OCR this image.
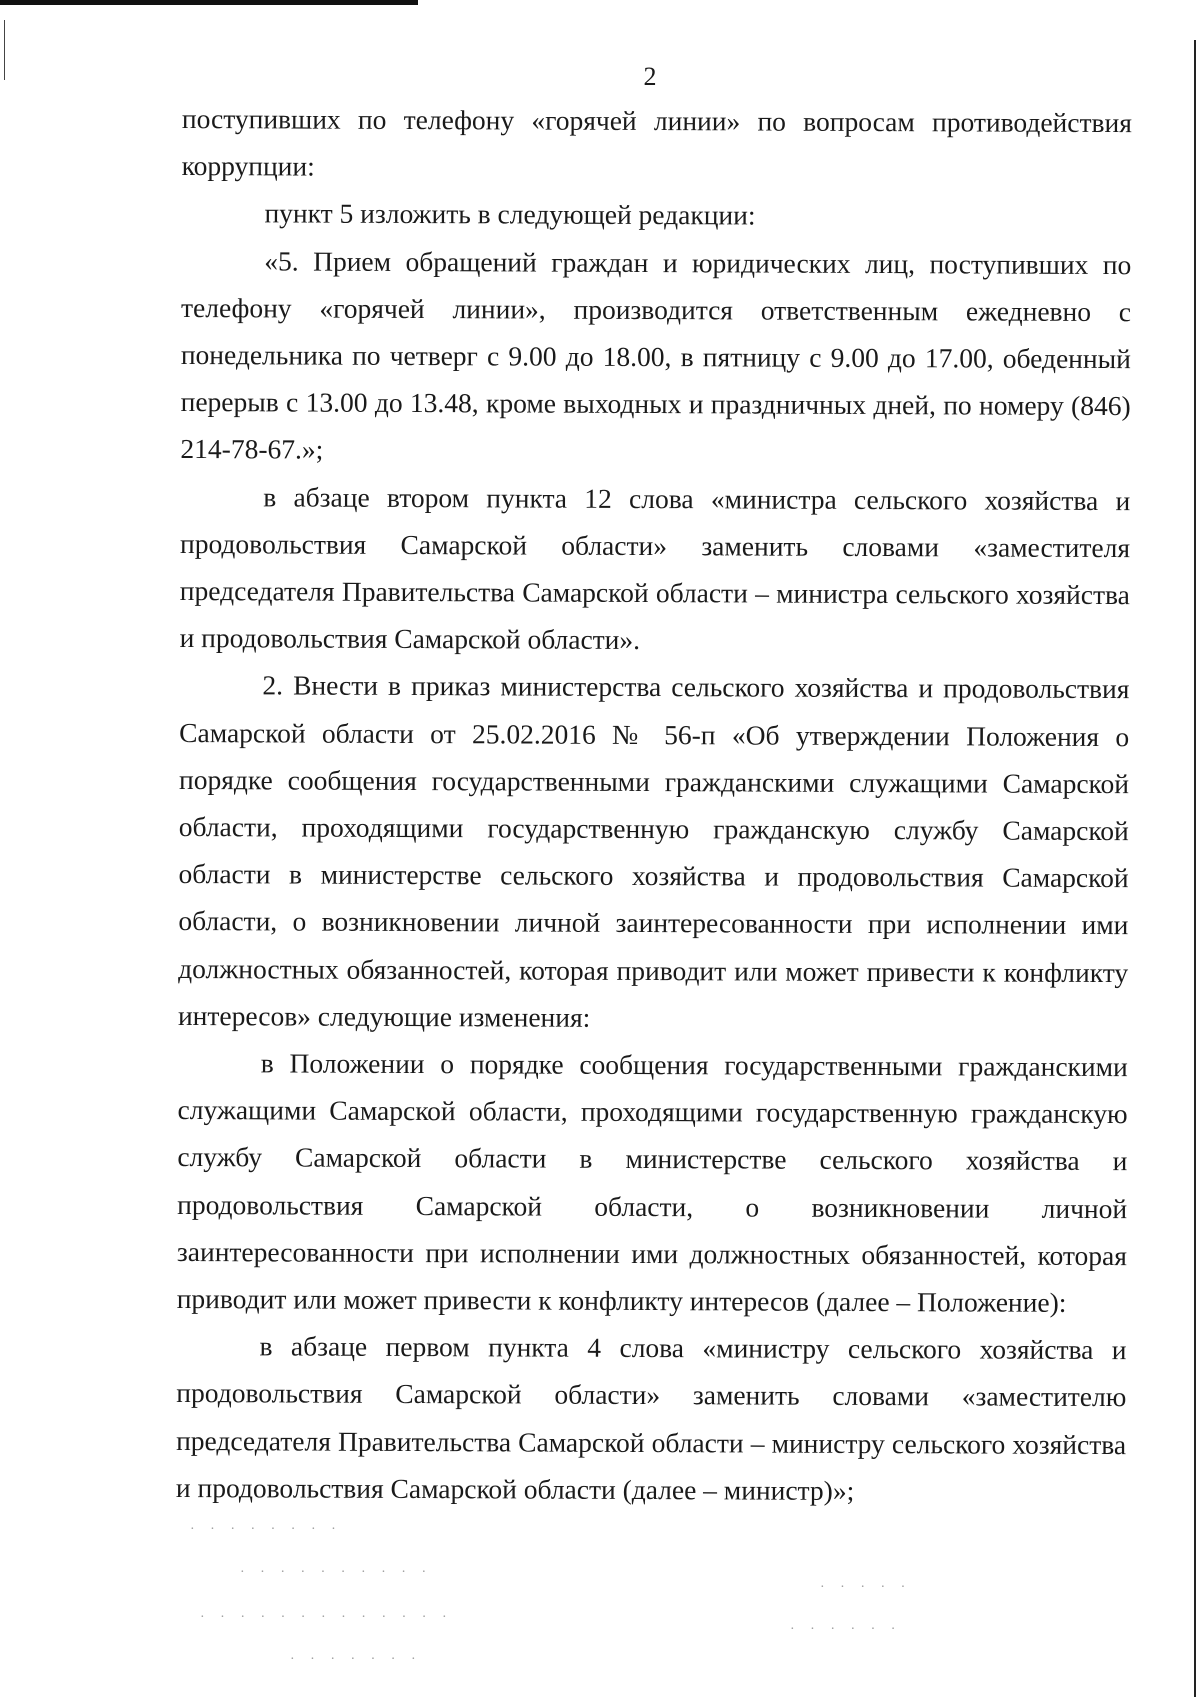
2

поступивших по телефону «горячей линии» по вопросам противодействия коррупции:

пункт 5 изложить в следующей редакции:

«5. Прием обращений граждан и юридических лиц, поступивших по телефону «горячей линии», производится ответственным ежедневно с понедельника по четверг с 9.00 до 18.00, в пятницу с 9.00 до 17.00, обеденный перерыв с 13.00 до 13.48, кроме выходных и праздничных дней, по номеру (846) 214-78-67.»;

в абзаце втором пункта 12 слова «министра сельского хозяйства и продовольствия Самарской области» заменить словами «заместителя председателя Правительства Самарской области – министра сельского хозяйства и продовольствия Самарской области».

2. Внести в приказ министерства сельского хозяйства и продовольствия Самарской области от 25.02.2016 № 56-п «Об утверждении Положения о порядке сообщения государственными гражданскими служащими Самарской области, проходящими государственную гражданскую службу Самарской области в министерстве сельского хозяйства и продовольствия Самарской области, о возникновении личной заинтересованности при исполнении ими должностных обязанностей, которая приводит или может привести к конфликту интересов» следующие изменения:

в Положении о порядке сообщения государственными гражданскими служащими Самарской области, проходящими государственную гражданскую службу Самарской области в министерстве сельского хозяйства и продовольствия Самарской области, о возникновении личной заинтересованности при исполнении ими должностных обязанностей, которая приводит или может привести к конфликту интересов (далее – Положение):

в абзаце первом пункта 4 слова «министру сельского хозяйства и продовольствия Самарской области» заменить словами «заместителю председателя Правительства Самарской области – министру сельского хозяйства и продовольствия Самарской области (далее – министр)»;

· · · · · · · ·
· · · · · · · · · ·
· · · · · · · · · · · · ·
· · · · · · ·
· · · · ·
· · · · · ·
